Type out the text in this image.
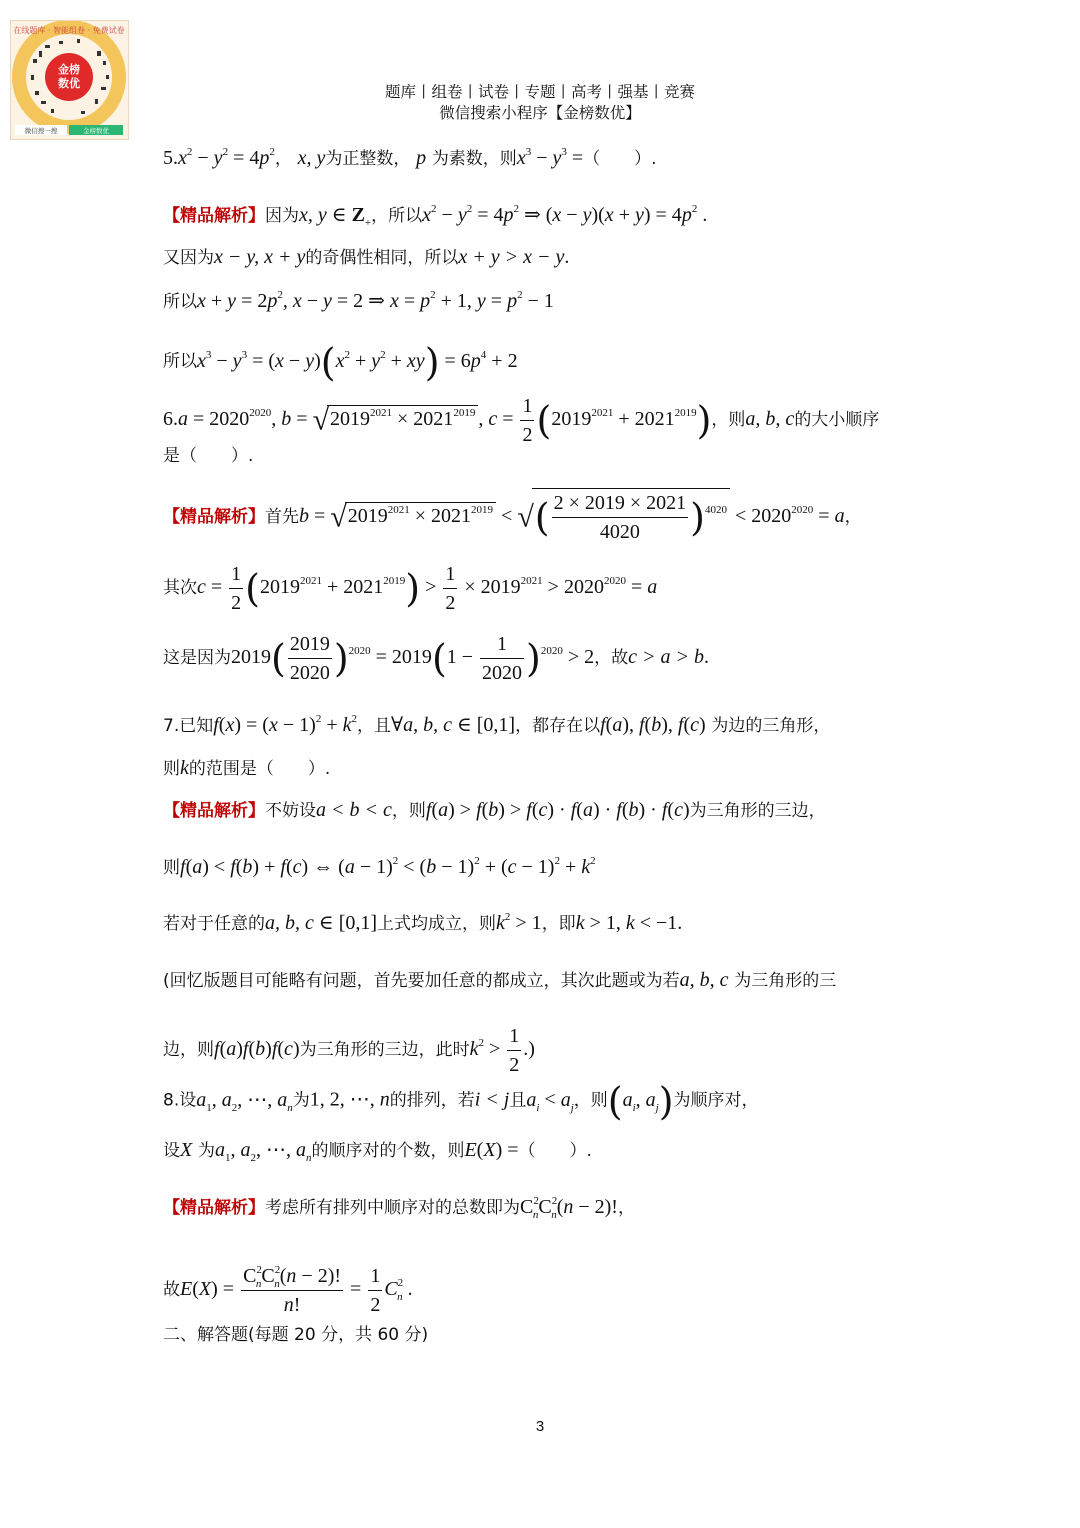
金榜
数优
在线题库 · 智能组卷 · 免费试卷
微信搜一搜	金榜数优
题库丨组卷丨试卷丨专题丨高考丨强基丨竞赛
微信搜索小程序【金榜数优】
$5.x^2 - y^2 = 4p^2$， x, y为正整数， p 为素数，则$x^3 - y^3$ =（　　）.
【精品解析】因为x, y ∈ $Z_+$，所以$x^2 - y^2 = 4p^2$ ⇒ $(x - y)(x + y) = 4p^2$ .
又因为x − y, x + y的奇偶性相同，所以x + y > x − y.
所以$x + y = 2p^2$, x − y = 2 ⇒ $x = p^2 + 1$, $y = p^2 - 1$
所以$x^3 - y^3 = (x - y)(x^2 + y^2 + xy) = 6p^4 + 2$
$6.a = 2020^{2020}$, $b = √2019^{2021} \times 2021^{2019}$ , $c = \frac{1}{2} (2019^{2021} + 2021^{2019})$，则a, b, c的大小顺序
是（　　）.
【精品解析】首先$b = √2019^{2021} \times 2021^{2019}$ < √( $\frac{2 \times 2019 \times 2021}{4020} )^{4020} < 2020^{2020} = a$，
其次$c = \frac{1}{2} (2019^{2021} + 2021^{2019}) > \frac{1}{2} \times 2019^{2021} > 2020^{2020} = a$
这是因为$2019( \frac{2019}{2020} )^{2020} = 2019(1 - \frac{1}{2020} )^{2020} > 2$，故c > a > b.
7.已知$f(x) = (x - 1)^2 + k^2$，且∀a, b, c ∈ [0,1]，都存在以f(a), f(b), f(c) 为边的三角形，
则k的范围是（　　）.
【精品解析】不妨设a < b < c，则f(a) > f(b) > f(c) · f(a) · f(b) · f(c)为三角形的三边，
则f(a) < f(b) + f(c) ⇔ $(a - 1)^2 < (b - 1)^2 + (c - 1)^2 + k^2$
若对于任意的a, b, c ∈ [0,1]上式均成立，则$k^2 > 1$，即k > 1, k < −1.
(回忆版题目可能略有问题，首先要加任意的都成立，其次此题或为若a, b, c 为三角形的三
边，则f(a)f(b)f(c)为三角形的三边，此时$k^2 > \frac{1}{2}$ .)
8.设$a_1$, $a_2$, ⋯, $a_n$为1, 2, ⋯, n的排列，若i < j且$a_i < a_j$，则($a_i$, $a_j$)为顺序对，
设X 为$a_1$, $a_2$, ⋯, $a_n$的顺序对的个数，则E(X) =（　　）.
【精品解析】考虑所有排列中顺序对的总数即为$C^2_nC^2_n(n - 2)$!，
故$E(X) = \frac{C^2_nC^2_n(n - 2)!}{n!} = \frac{1}{2} C^2_n$ .
二、解答题(每题 20 分，共 60 分)
3
